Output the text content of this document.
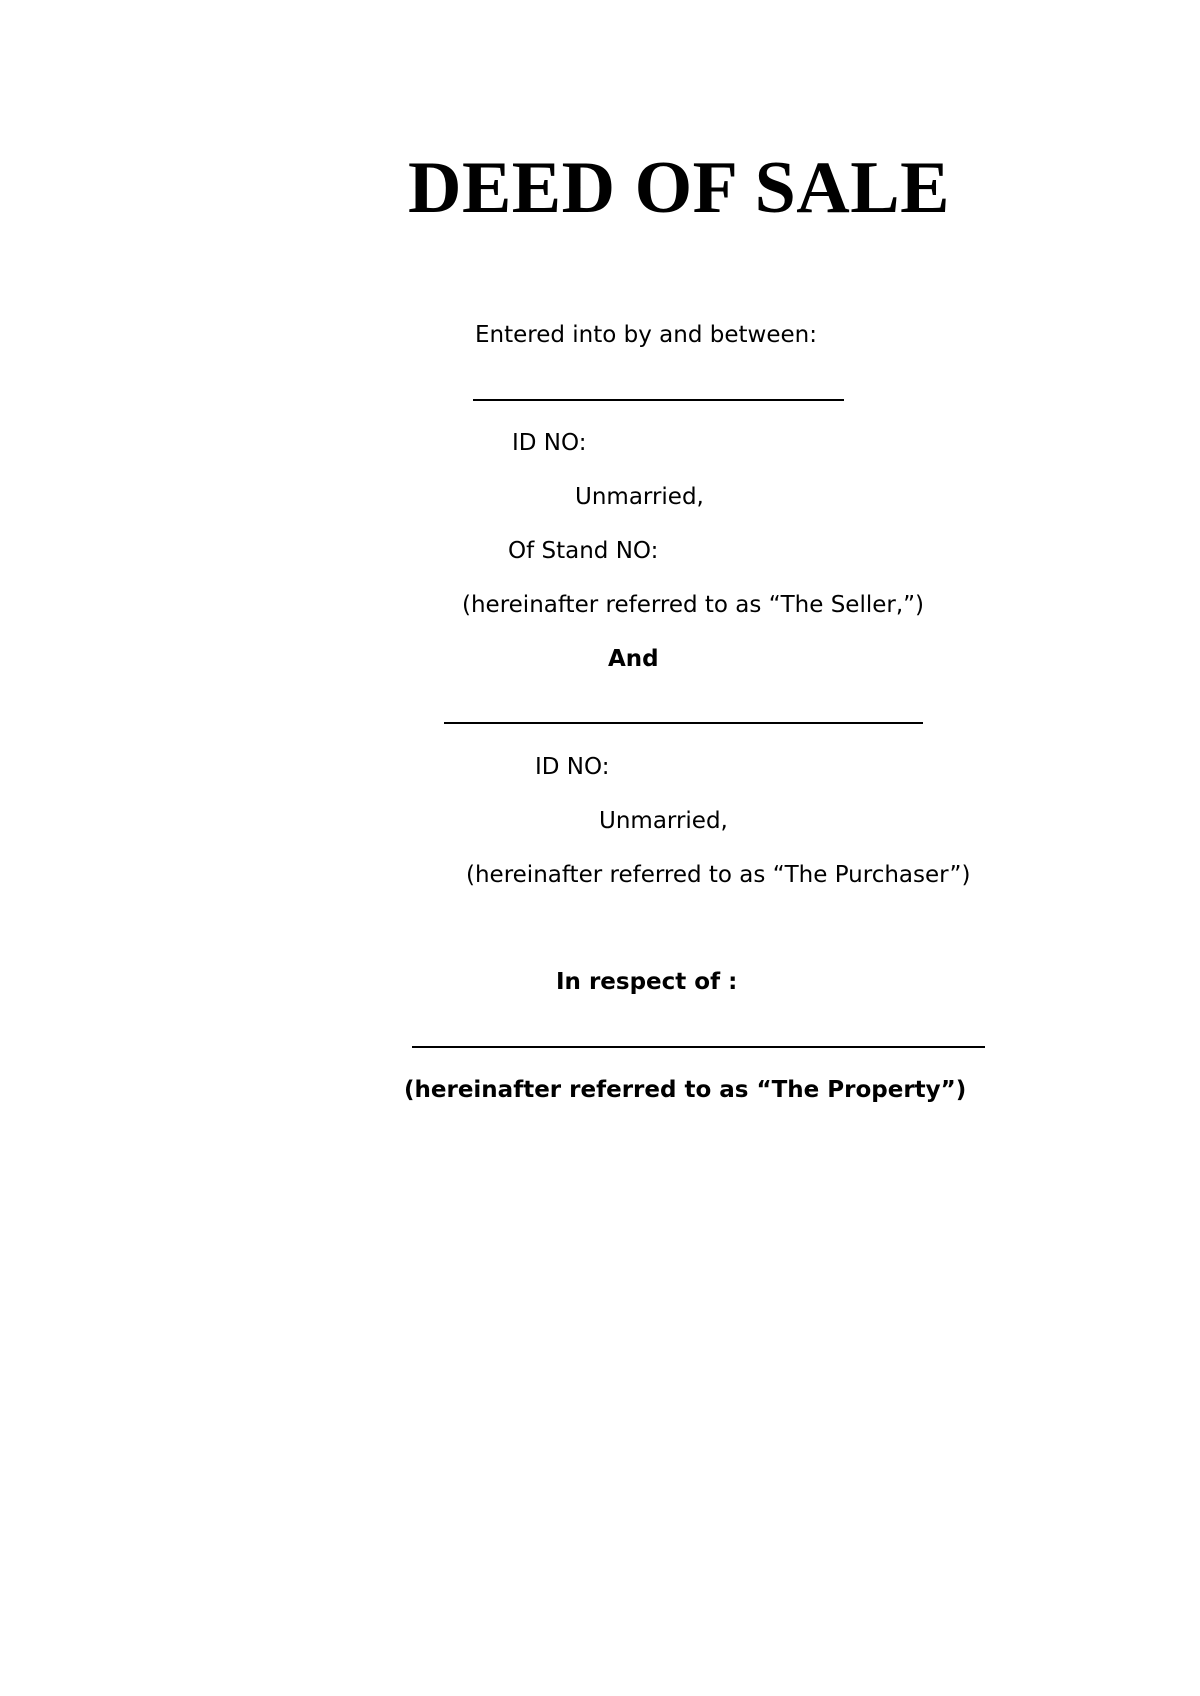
DEED OF SALE
Entered into by and between:
ID NO:
Unmarried,
Of Stand NO:
(hereinafter referred to as “The Seller,”)
And
ID NO:
Unmarried,
(hereinafter referred to as “The Purchaser”)
In respect of :
(hereinafter referred to as “The Property”)
